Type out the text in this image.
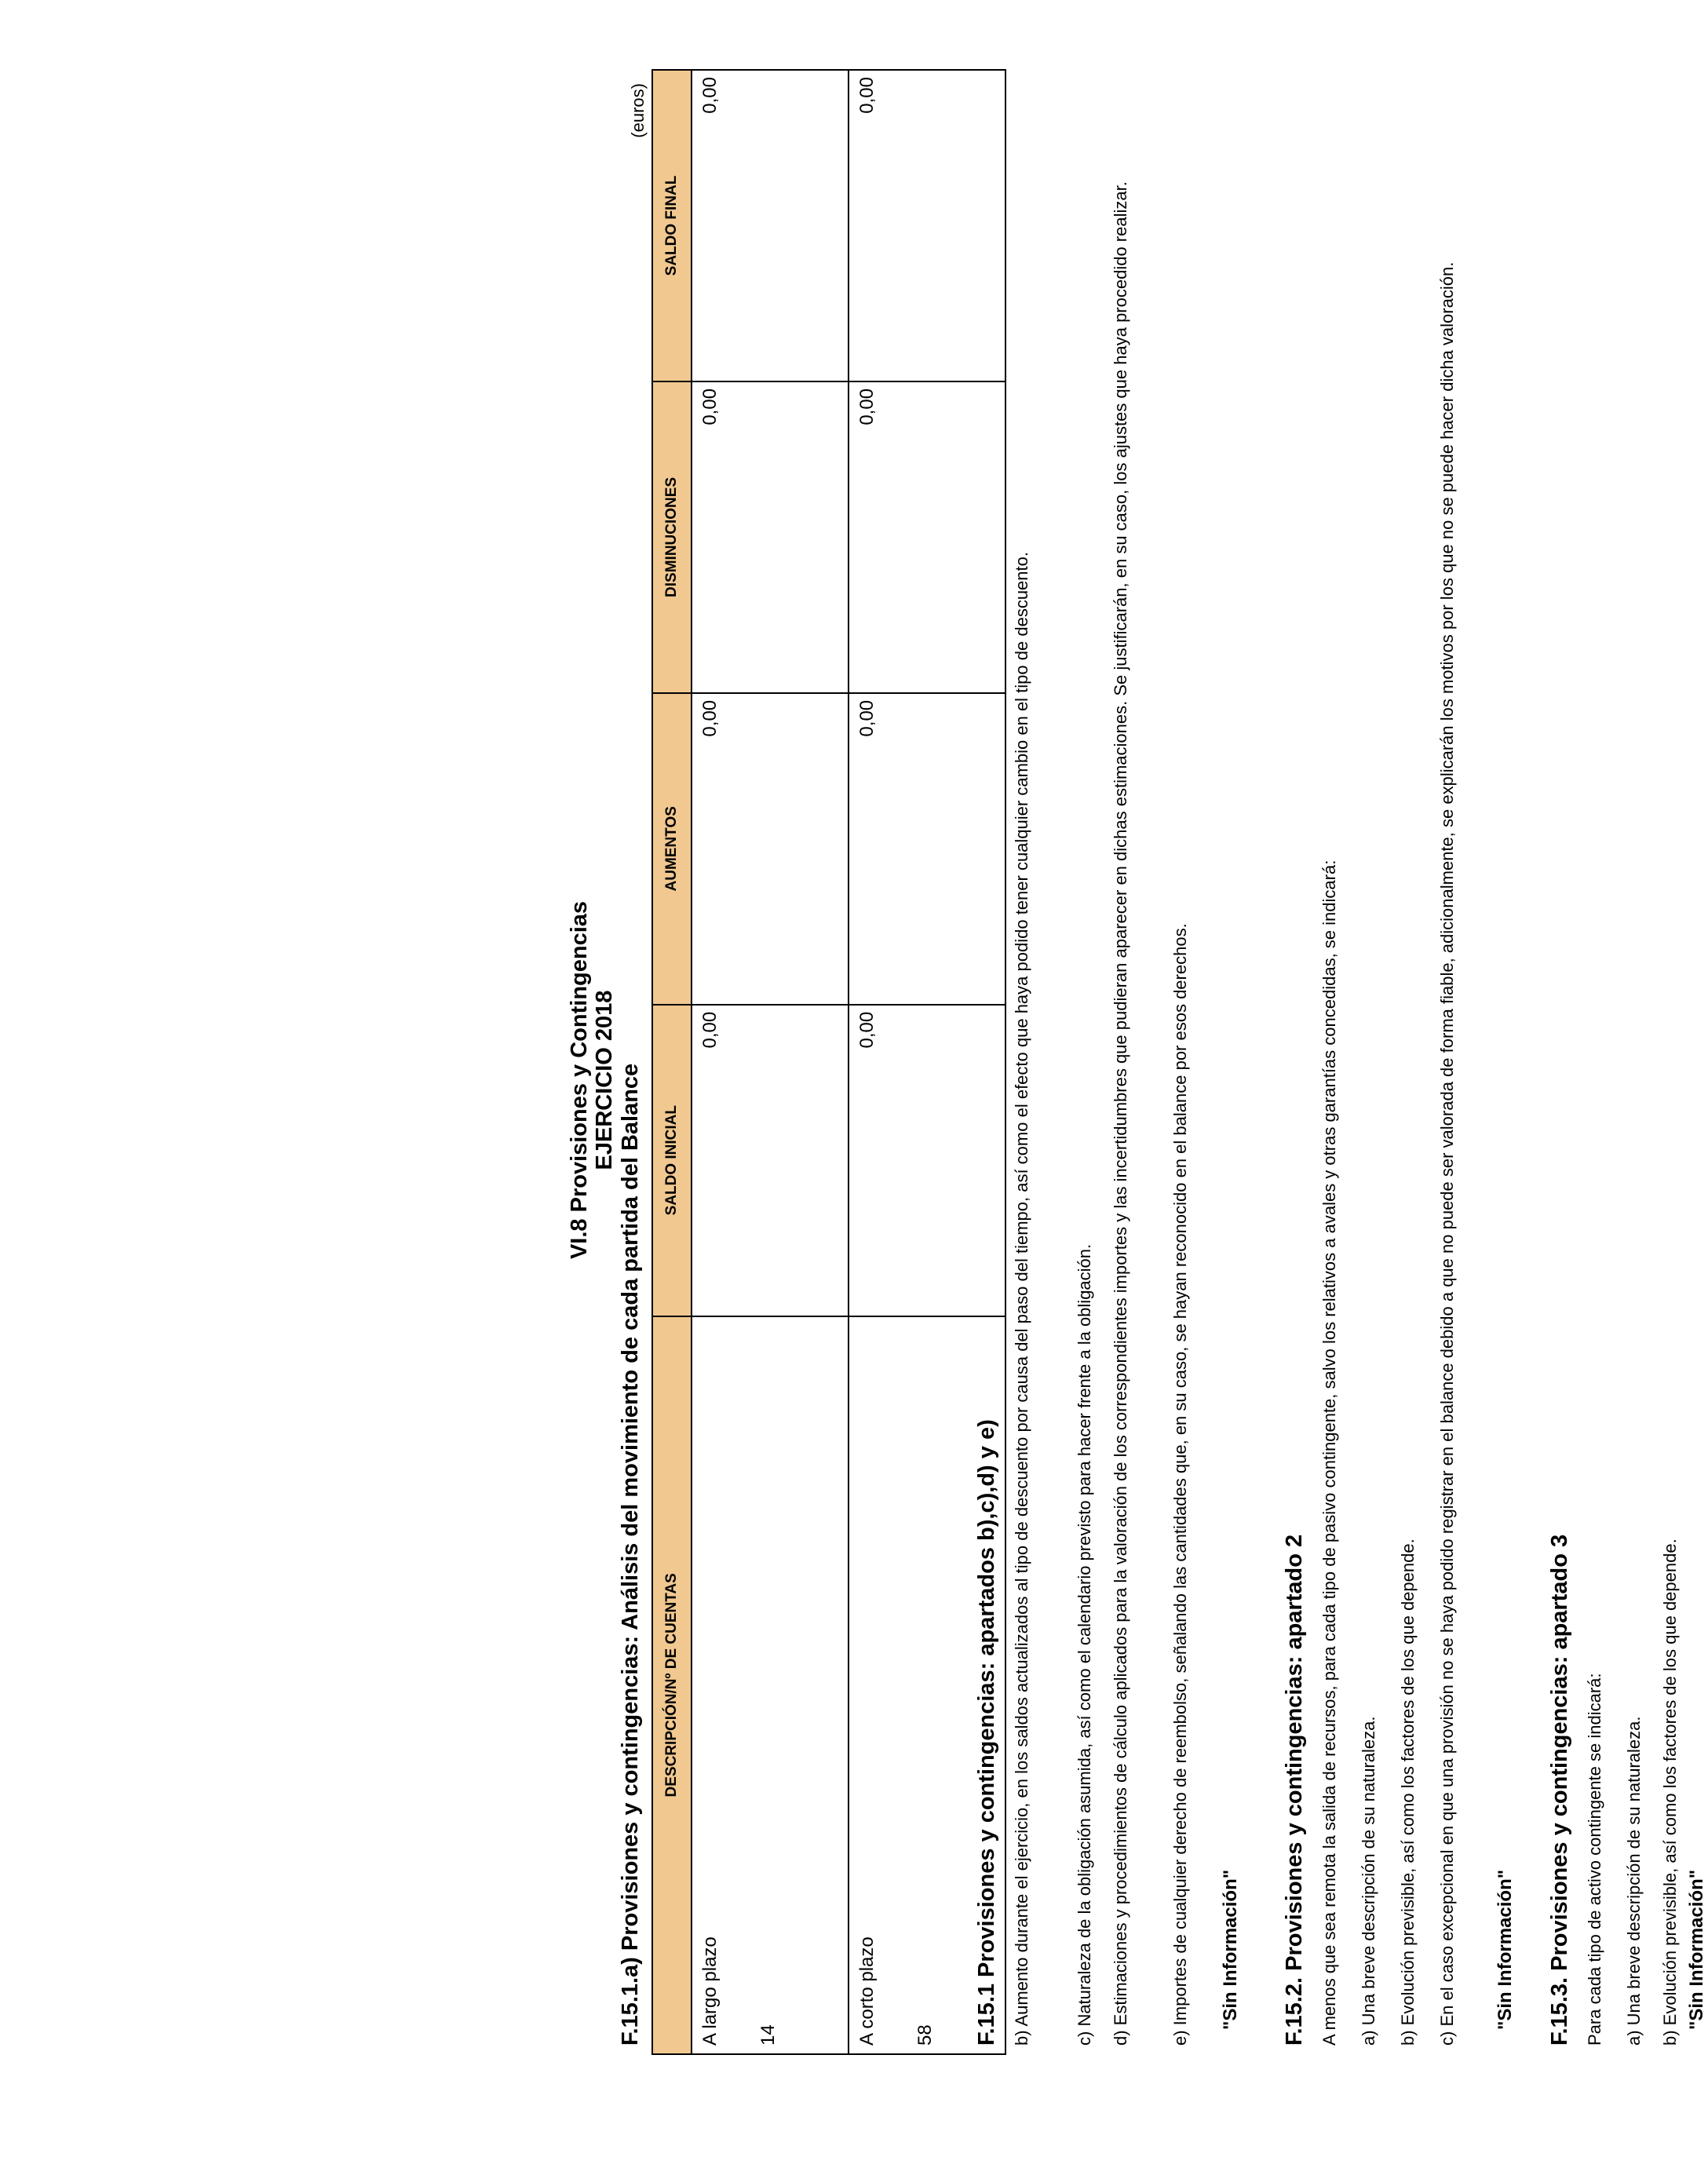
VI.8 Provisiones y Contingencias EJERCICIO 2018 F.15.1.a) Provisiones y contingencias: Análisis del movimiento de cada partida del Balance
(euros)
DESCRIPCIÓN/Nº DE CUENTAS	SALDO INICIAL	AUMENTOS	DISMINUCIONES	SALDO FINAL

A largo plazo 14	0,00	0,00	0,00	0,00

A corto plazo 58	0,00	0,00	0,00	0,00
F.15.1 Provisiones y contingencias: apartados b),c),d) y e) b) Aumento durante el ejercicio, en los saldos actualizados al tipo de descuento por causa del paso del tiempo, así como el efecto que haya podido tener cualquier cambio en el tipo de descuento.	c) Naturaleza de la obligación asumida, así como el calendario previsto para hacer frente a la obligación. d) Estimaciones y procedimientos de cálculo aplicados para la valoración de los correspondientes importes y las incertidumbres que pudieran aparecer en dichas estimaciones. Se justificarán, en su caso, los ajustes que haya procedido realizar. e) Importes de cualquier derecho de reembolso, señalando las cantidades que, en su caso, se hayan reconocido en el balance por esos derechos. "Sin Información" F.15.2. Provisiones y contingencias: apartado 2 A menos que sea remota la salida de recursos, para cada tipo de pasivo contingente, salvo los relativos a avales y otras garantías concedidas, se indicará: a) Una breve descripción de su naturaleza. b) Evolución previsible, así como los factores de los que depende. c) En el caso excepcional en que una provisión no se haya podido registrar en el balance debido a que no puede ser valorada de forma fiable, adicionalmente, se explicarán los motivos por los que no se puede hacer dicha valoración. "Sin Información" F.15.3. Provisiones y contingencias: apartado 3 Para cada tipo de activo contingente se indicará: a) Una breve descripción de su naturaleza. b) Evolución previsible, así como los factores de los que depende. "Sin Información"
